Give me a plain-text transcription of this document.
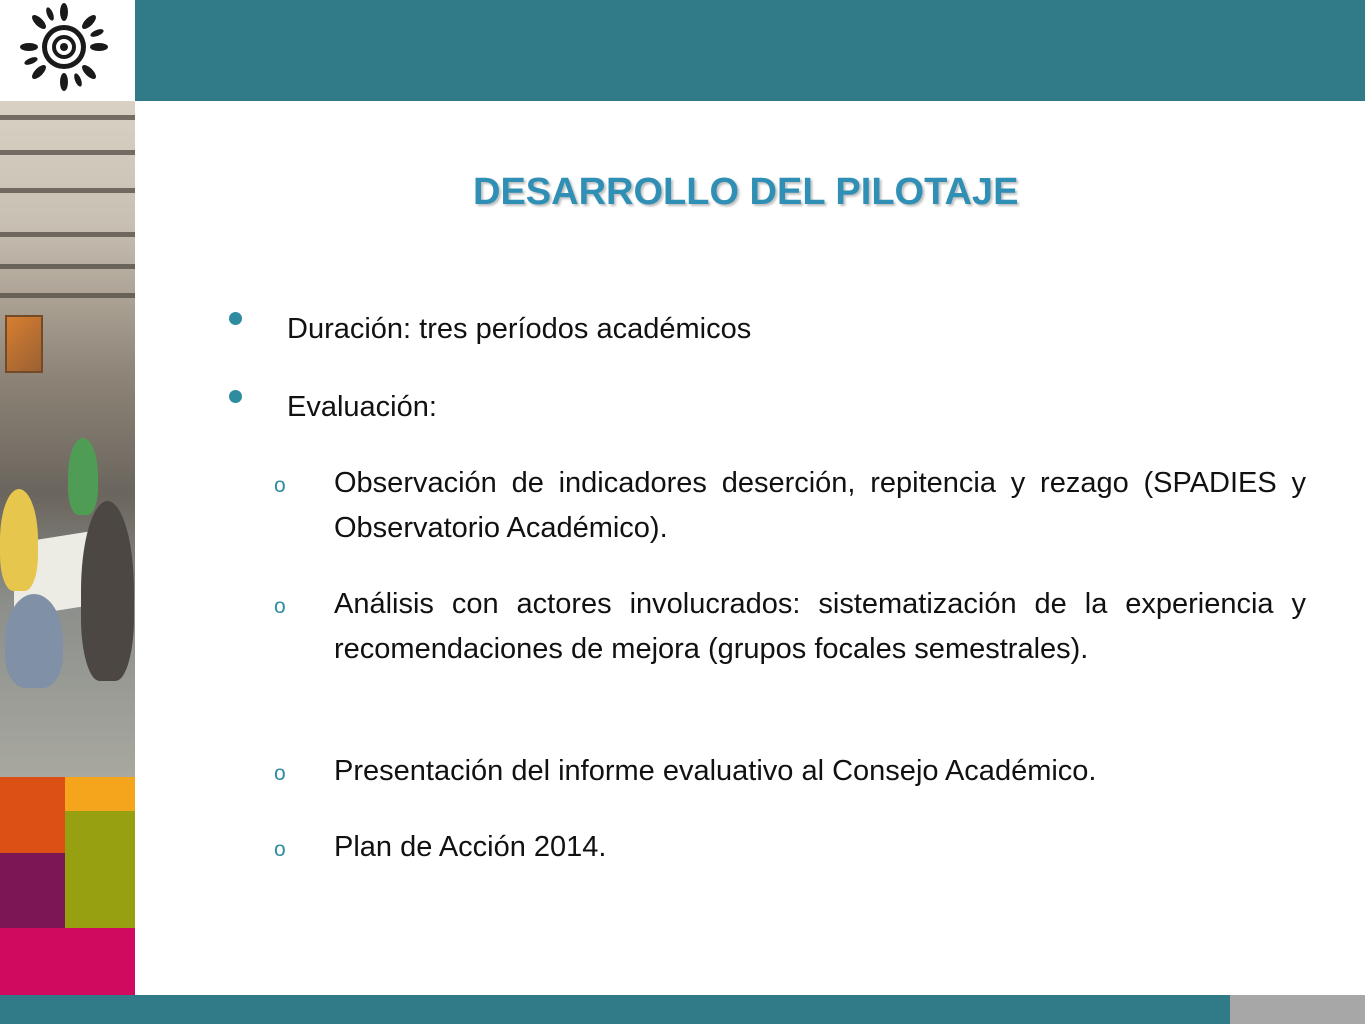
DESARROLLO DEL PILOTAJE

Duración: tres períodos académicos

Evaluación:

o Observación de indicadores deserción, repitencia y rezago (SPADIES y Observatorio Académico).

o Análisis con actores involucrados: sistematización de la experiencia y recomendaciones de mejora (grupos focales semestrales).

o Presentación del informe evaluativo al Consejo Académico.

o Plan de Acción 2014.
